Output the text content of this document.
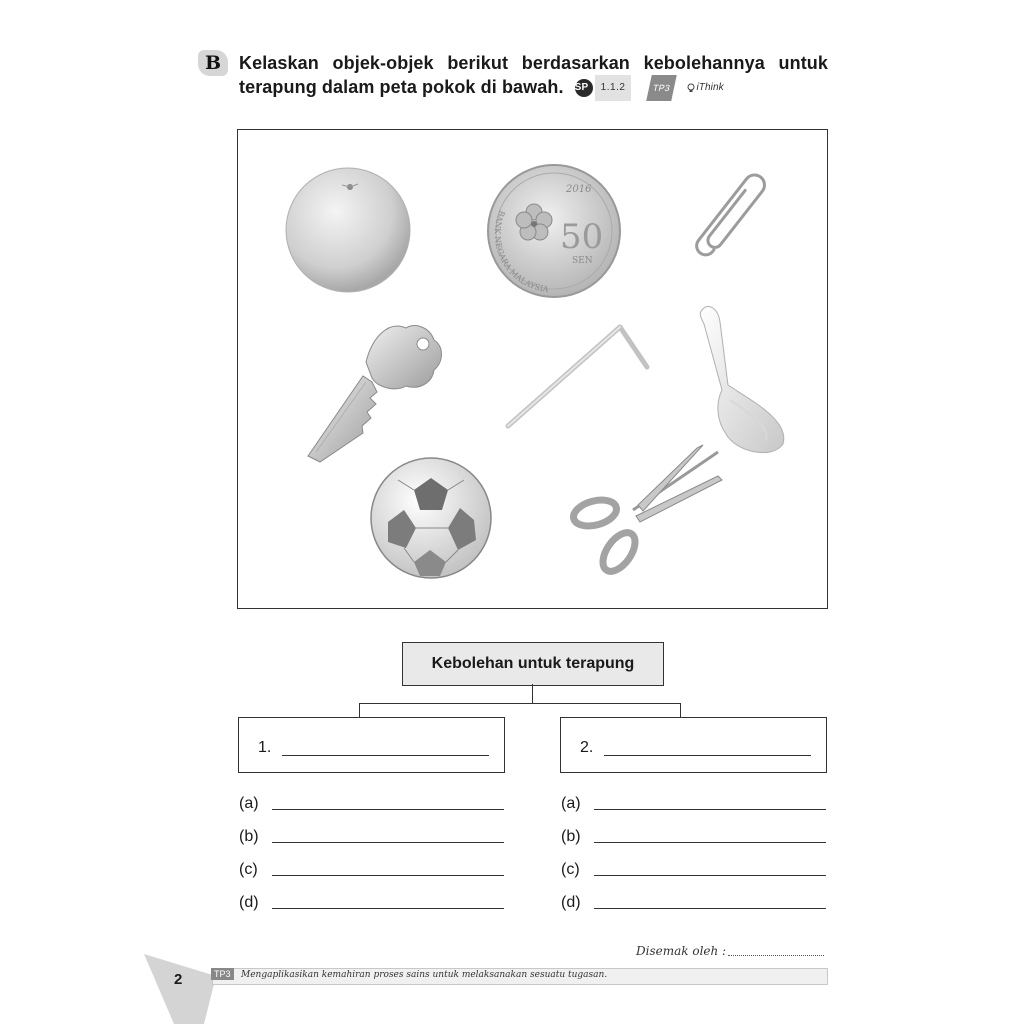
B Kelaskan objek-objek berikut berdasarkan kebolehannya untuk terapung dalam peta pokok di bawah. SP	1.1.2	TP3	iThink
50
SEN
2016
BANK NEGARA MALAYSIA
Kebolehan untuk terapung
1.	2.
(a)
(b)
(c)
(d)
(a)
(b)
(c)
(d)
Disemak oleh :
2	TP3	Mengaplikasikan kemahiran proses sains untuk melaksanakan sesuatu tugasan.
